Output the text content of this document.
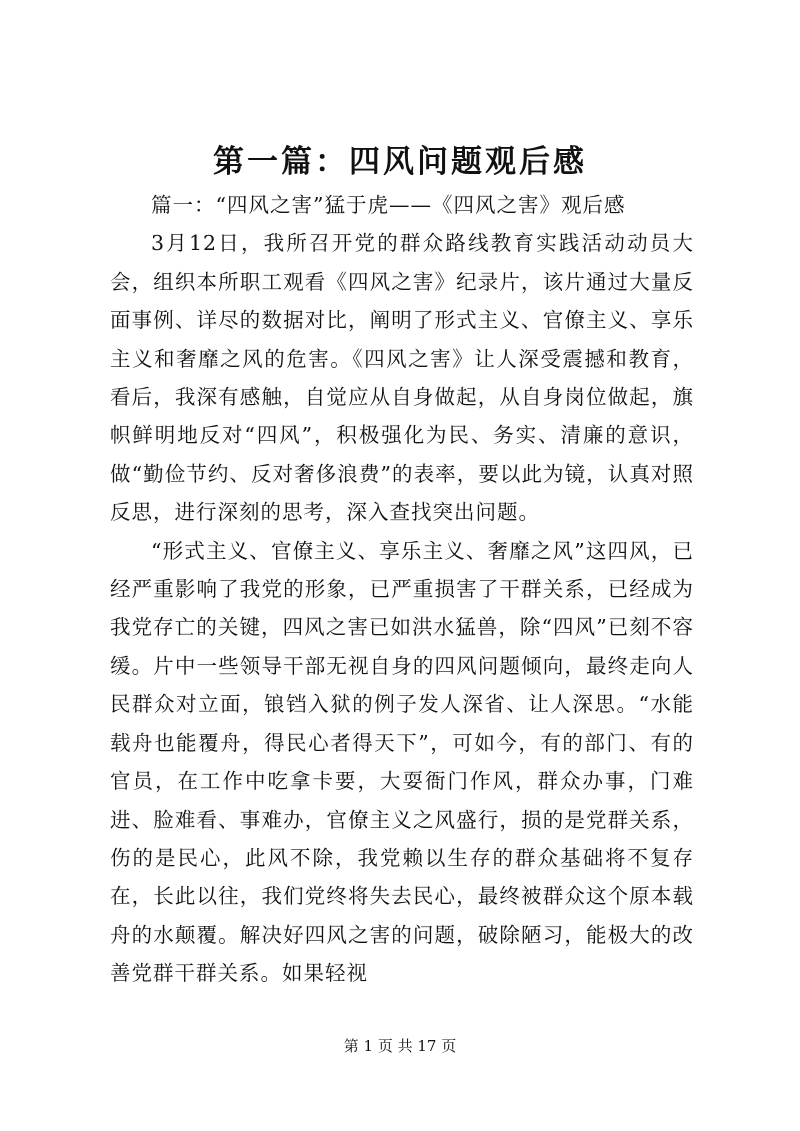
第一篇：四风问题观后感

篇一：“四风之害”猛于虎——《四风之害》观后感

3月12日，我所召开党的群众路线教育实践活动动员大会，组织本所职工观看《四风之害》纪录片，该片通过大量反面事例、详尽的数据对比，阐明了形式主义、官僚主义、享乐主义和奢靡之风的危害。《四风之害》让人深受震撼和教育，看后，我深有感触，自觉应从自身做起，从自身岗位做起，旗帜鲜明地反对“四风”，积极强化为民、务实、清廉的意识，做“勤俭节约、反对奢侈浪费”的表率，要以此为镜，认真对照反思，进行深刻的思考，深入查找突出问题。

“形式主义、官僚主义、享乐主义、奢靡之风”这四风，已经严重影响了我党的形象，已严重损害了干群关系，已经成为我党存亡的关键，四风之害已如洪水猛兽，除“四风”已刻不容缓。片中一些领导干部无视自身的四风问题倾向，最终走向人民群众对立面，锒铛入狱的例子发人深省、让人深思。“水能载舟也能覆舟，得民心者得天下”，可如今，有的部门、有的官员，在工作中吃拿卡要，大耍衙门作风，群众办事，门难进、脸难看、事难办，官僚主义之风盛行，损的是党群关系，伤的是民心，此风不除，我党赖以生存的群众基础将不复存在，长此以往，我们党终将失去民心，最终被群众这个原本载舟的水颠覆。解决好四风之害的问题，破除陋习，能极大的改善党群干群关系。如果轻视

第 1 页 共 17 页
